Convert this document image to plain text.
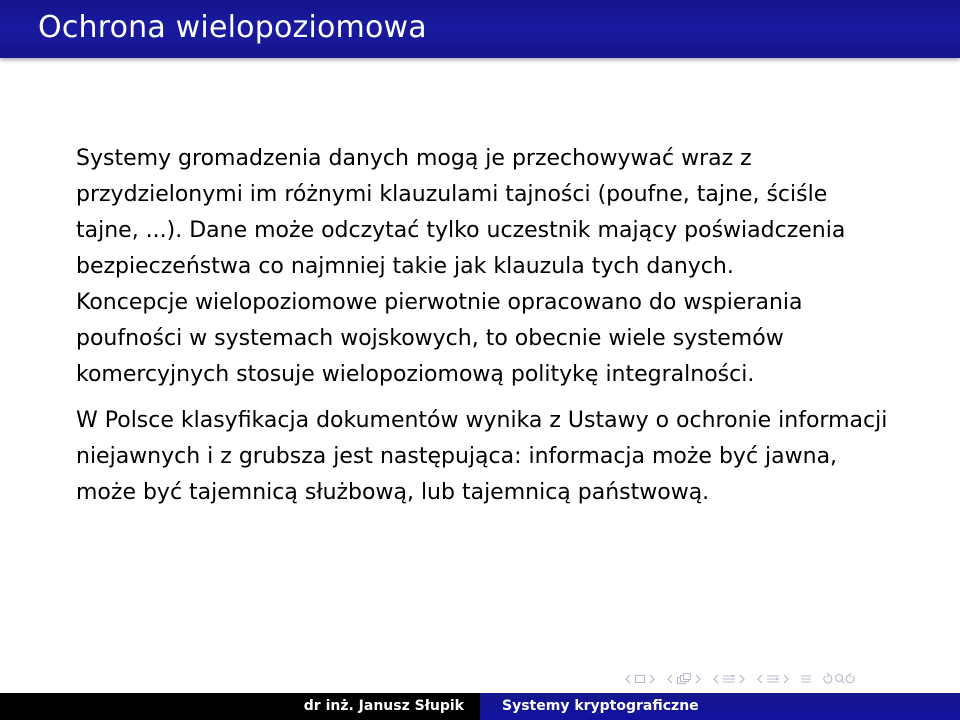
Ochrona wielopoziomowa

Systemy gromadzenia danych mogą je przechowywać wraz z przydzielonymi im różnymi klauzulami tajności (poufne, tajne, ściśle tajne, ...). Dane może odczytać tylko uczestnik mający poświadczenia bezpieczeństwa co najmniej takie jak klauzula tych danych.

Koncepcje wielopoziomowe pierwotnie opracowano do wspierania poufności w systemach wojskowych, to obecnie wiele systemów komercyjnych stosuje wielopoziomową politykę integralności.

W Polsce klasyfikacja dokumentów wynika z Ustawy o ochronie informacji niejawnych i z grubsza jest następująca: informacja może być jawna, może być tajemnicą służbową, lub tajemnicą państwową.

dr inż. Janusz Słupik	Systemy kryptograficzne
